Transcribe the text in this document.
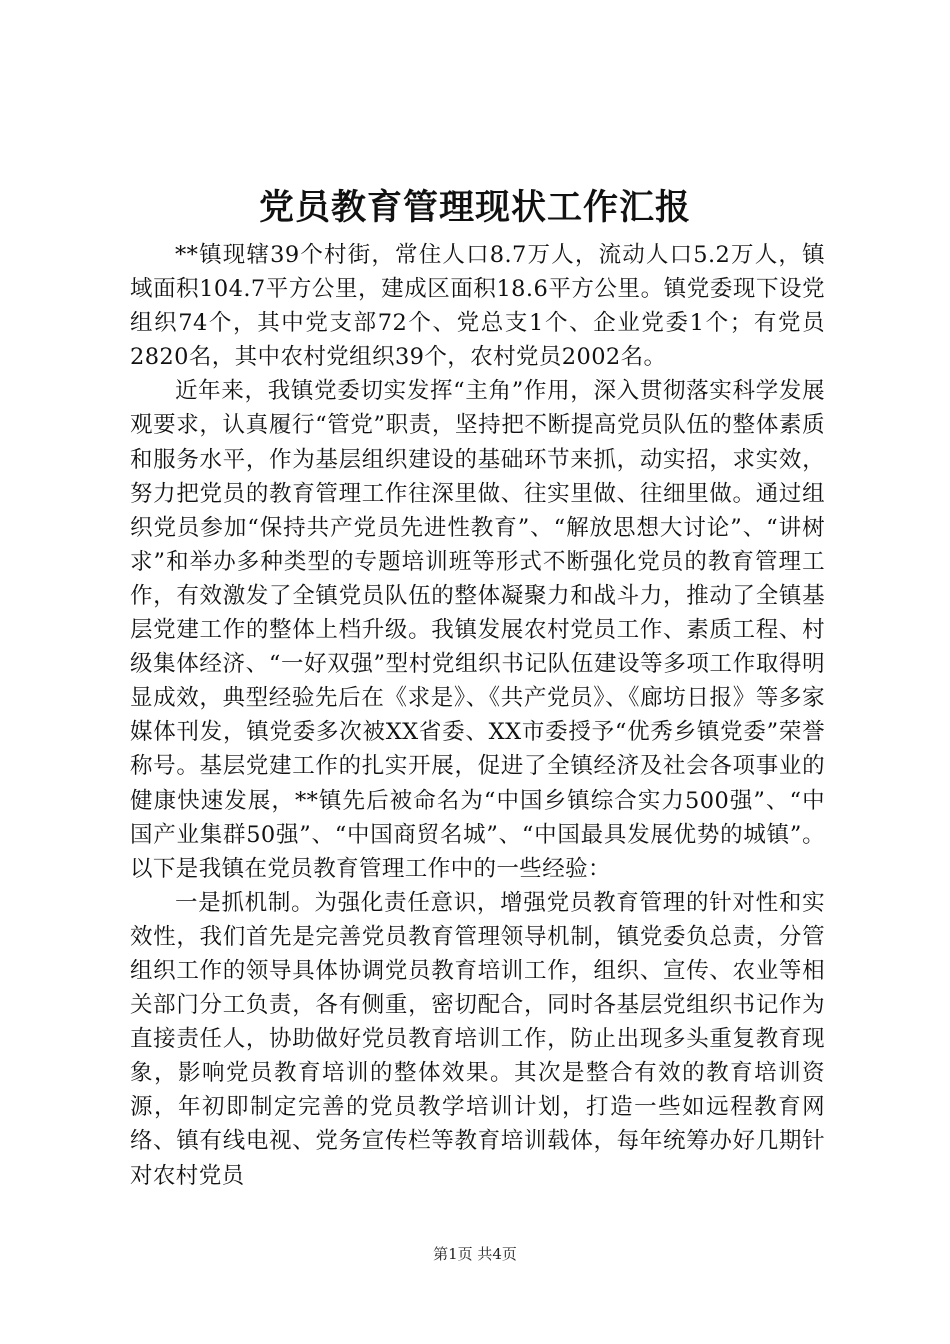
党员教育管理现状工作汇报

**镇现辖39个村街，常住人口8.7万人，流动人口5.2万人，镇域面积104.7平方公里，建成区面积18.6平方公里。镇党委现下设党组织74个，其中党支部72个、党总支1个、企业党委1个；有党员2820名，其中农村党组织39个，农村党员2002名。

近年来，我镇党委切实发挥“主角”作用，深入贯彻落实科学发展观要求，认真履行“管党”职责，坚持把不断提高党员队伍的整体素质和服务水平，作为基层组织建设的基础环节来抓，动实招，求实效，努力把党员的教育管理工作往深里做、往实里做、往细里做。通过组织党员参加“保持共产党员先进性教育”、“解放思想大讨论”、“讲树求”和举办多种类型的专题培训班等形式不断强化党员的教育管理工作，有效激发了全镇党员队伍的整体凝聚力和战斗力，推动了全镇基层党建工作的整体上档升级。我镇发展农村党员工作、素质工程、村级集体经济、“一好双强”型村党组织书记队伍建设等多项工作取得明显成效，典型经验先后在《求是》、《共产党员》、《廊坊日报》等多家媒体刊发，镇党委多次被XX省委、XX市委授予“优秀乡镇党委”荣誉称号。基层党建工作的扎实开展，促进了全镇经济及社会各项事业的健康快速发展，**镇先后被命名为“中国乡镇综合实力500强”、“中国产业集群50强”、“中国商贸名城”、“中国最具发展优势的城镇”。以下是我镇在党员教育管理工作中的一些经验：

一是抓机制。为强化责任意识，增强党员教育管理的针对性和实效性，我们首先是完善党员教育管理领导机制，镇党委负总责，分管组织工作的领导具体协调党员教育培训工作，组织、宣传、农业等相关部门分工负责，各有侧重，密切配合，同时各基层党组织书记作为直接责任人，协助做好党员教育培训工作，防止出现多头重复教育现象，影响党员教育培训的整体效果。其次是整合有效的教育培训资源，年初即制定完善的党员教学培训计划，打造一些如远程教育网络、镇有线电视、党务宣传栏等教育培训载体，每年统筹办好几期针对农村党员

第1页 共4页
